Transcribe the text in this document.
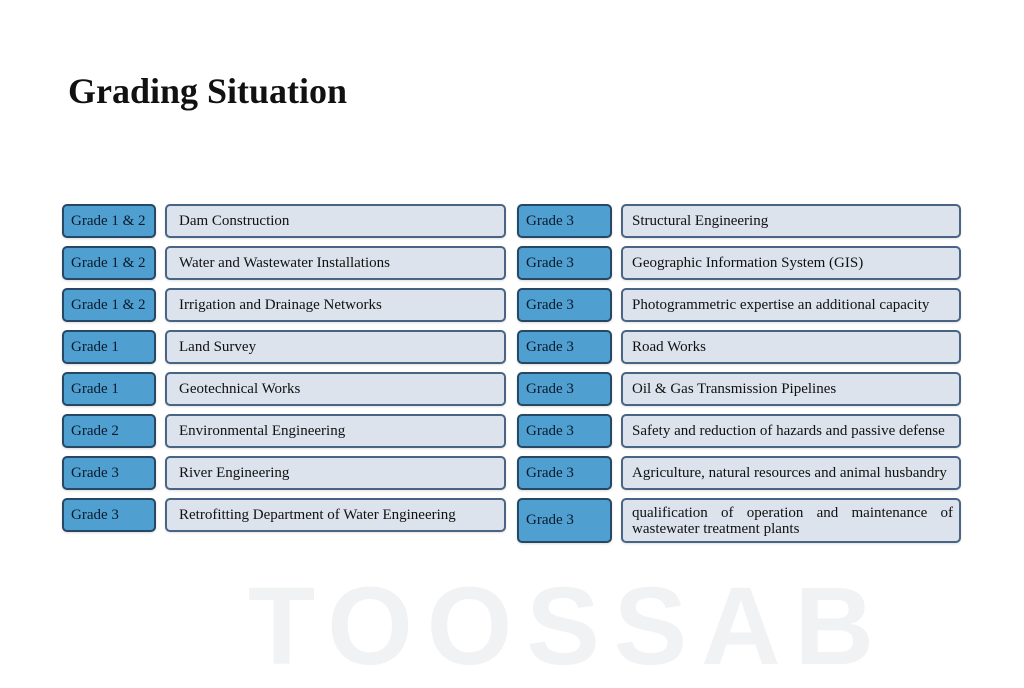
TOOSSAB
Grading Situation
Grade 1 & 2	Dam Construction
Grade 1 & 2	Water and Wastewater Installations
Grade 1 & 2	Irrigation and Drainage Networks
Grade 1	Land Survey
Grade 1	Geotechnical Works
Grade 2	Environmental Engineering
Grade 3	River Engineering
Grade 3	Retrofitting Department of Water Engineering
Grade 3	Structural Engineering
Grade 3	Geographic Information System (GIS)
Grade 3	Photogrammetric expertise an additional capacity
Grade 3	Road Works
Grade 3	Oil & Gas Transmission Pipelines
Grade 3	Safety and reduction of hazards and passive defense
Grade 3	Agriculture, natural resources and animal husbandry
Grade 3	qualification of operation and maintenance of wastewater treatment plants
